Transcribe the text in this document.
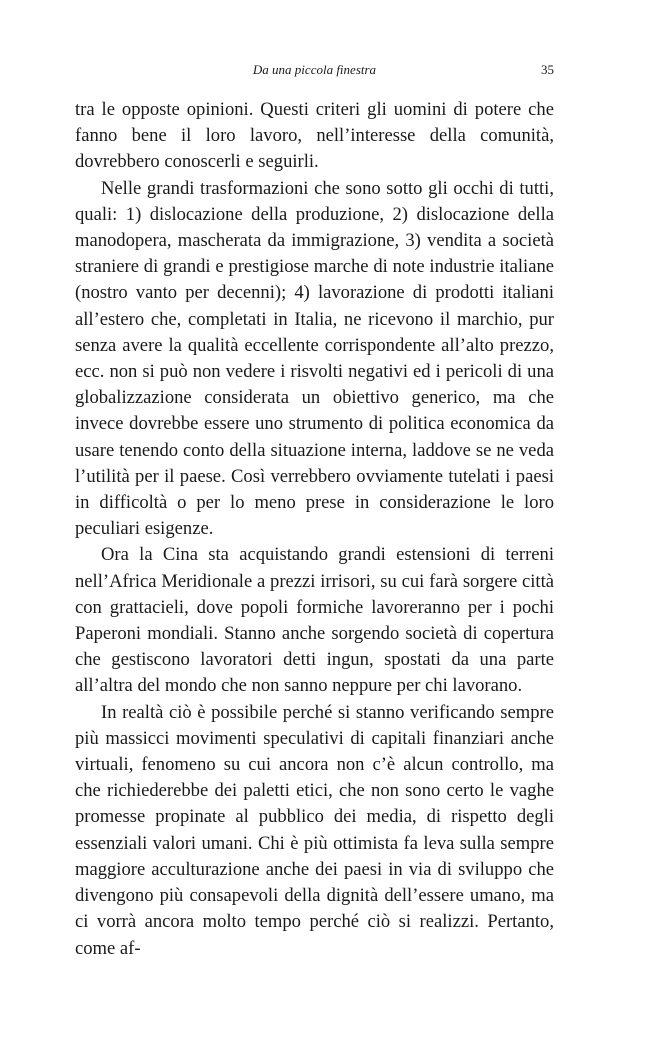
Da una piccola finestra	35

tra le opposte opinioni. Questi criteri gli uomini di potere che fanno bene il loro lavoro, nell’interesse della comunità, dovrebbero conoscerli e seguirli.

Nelle grandi trasformazioni che sono sotto gli occhi di tutti, quali: 1) dislocazione della produzione, 2) dislocazione della manodopera, mascherata da immigrazione, 3) vendita a società straniere di grandi e prestigiose marche di note industrie italiane (nostro vanto per decenni); 4) lavorazione di prodotti italiani all’estero che, completati in Italia, ne ricevono il marchio, pur senza avere la qualità eccellente corrispondente all’alto prezzo, ecc. non si può non vedere i risvolti negativi ed i pericoli di una globalizzazione considerata un obiettivo generico, ma che invece dovrebbe essere uno strumento di politica economica da usare tenendo conto della situazione interna, laddove se ne veda l’utilità per il paese. Così verrebbero ovviamente tutelati i paesi in difficoltà o per lo meno prese in considerazione le loro peculiari esigenze.

Ora la Cina sta acquistando grandi estensioni di terreni nell’Africa Meridionale a prezzi irrisori, su cui farà sorgere città con grattacieli, dove popoli formiche lavoreranno per i pochi Paperoni mondiali. Stanno anche sorgendo società di copertura che gestiscono lavoratori detti ingun, spostati da una parte all’altra del mondo che non sanno neppure per chi lavorano.

In realtà ciò è possibile perché si stanno verificando sempre più massicci movimenti speculativi di capitali finanziari anche virtuali, fenomeno su cui ancora non c’è alcun controllo, ma che richiederebbe dei paletti etici, che non sono certo le vaghe promesse propinate al pubblico dei media, di rispetto degli essenziali valori umani. Chi è più ottimista fa leva sulla sempre maggiore acculturazione anche dei paesi in via di sviluppo che divengono più consapevoli della dignità dell’essere umano, ma ci vorrà ancora molto tempo perché ciò si realizzi. Pertanto, come af-
